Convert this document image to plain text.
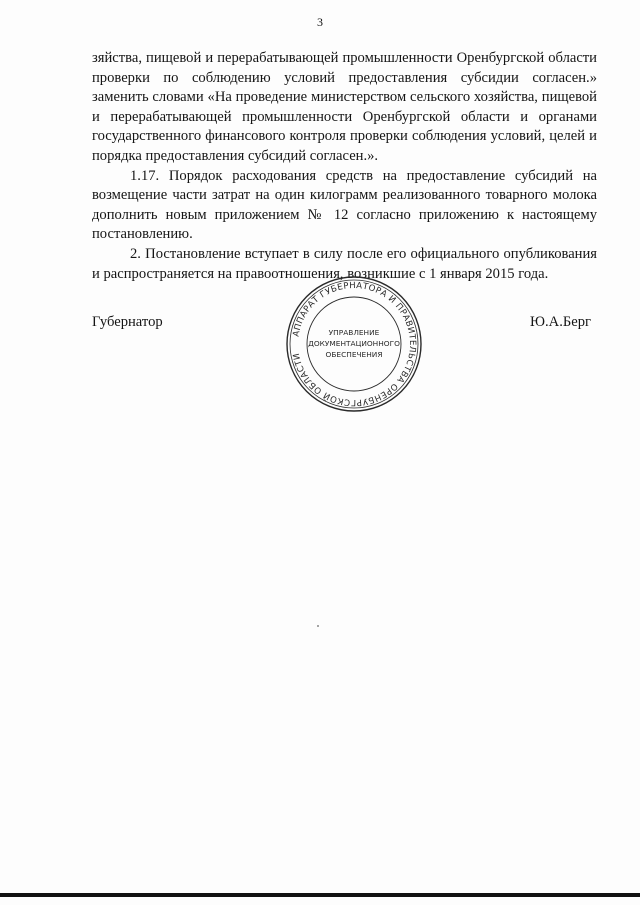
3

зяйства, пищевой и перерабатывающей промышленности Оренбургской области проверки по соблюдению условий предоставления субсидии согласен.» заменить словами «На проведение министерством сельского хозяйства, пищевой и перерабатывающей промышленности Оренбургской области и органами государственного финансового контроля проверки соблюдения условий, целей и порядка предоставления субсидий согласен.».

1.17. Порядок расходования средств на предоставление субсидий на возмещение части затрат на один килограмм реализованного товарного молока дополнить новым приложением № 12 согласно приложению к настоящему постановлению.

2. Постановление вступает в силу после его официального опубликования и распространяется на правоотношения, возникшие с 1 января 2015 года.

Губернатор
АППАРАТ ГУБЕРНАТОРА И ПРАВИТЕЛЬСТВА ОРЕНБУРГСКОЙ ОБЛАСТИ
УПРАВЛЕНИЕ
ДОКУМЕНТАЦИОННОГО
ОБЕСПЕЧЕНИЯ
Ю.А.Берг
